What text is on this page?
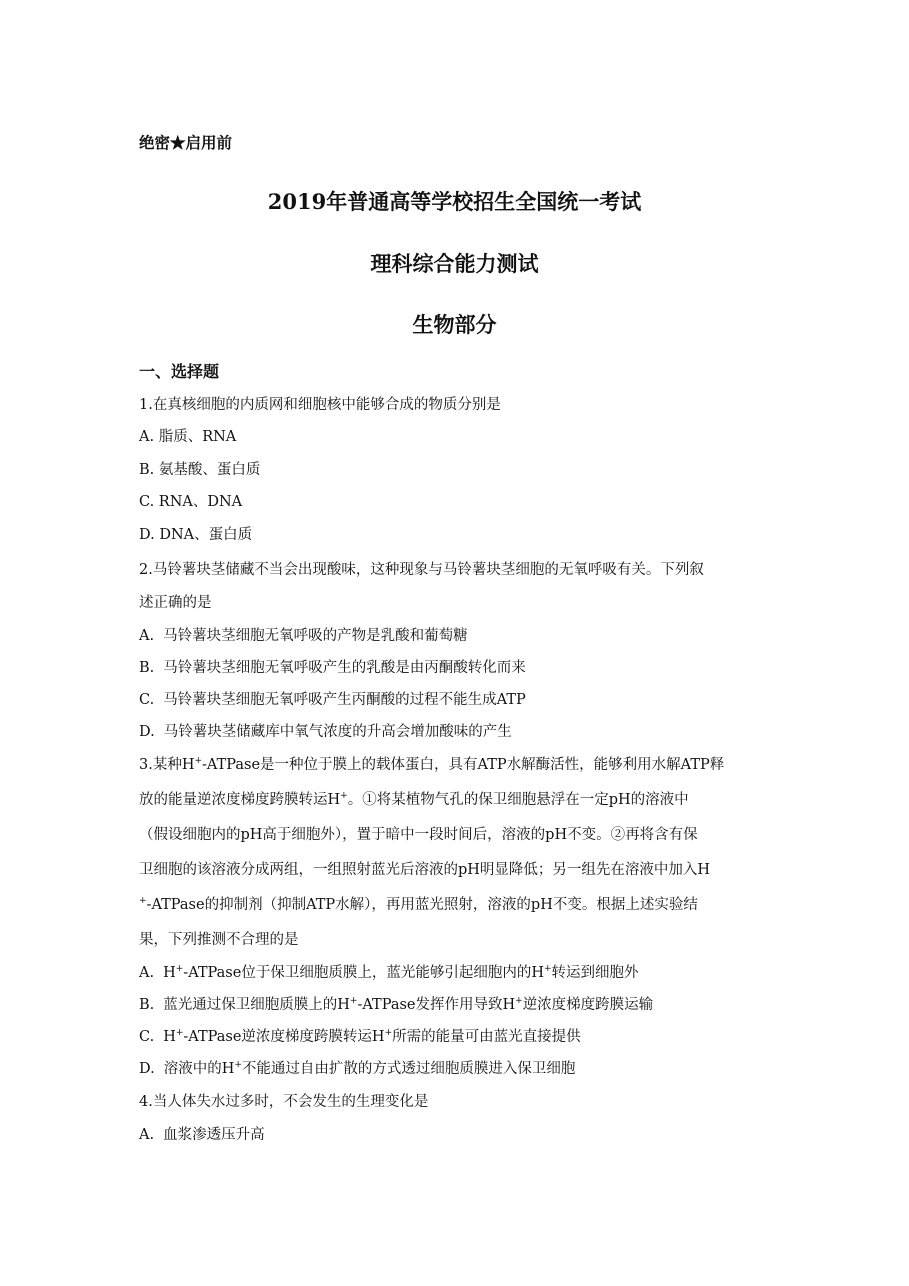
绝密★启用前
2019年普通高等学校招生全国统一考试
理科综合能力测试
生物部分
一、选择题
1.在真核细胞的内质网和细胞核中能够合成的物质分别是
A. 脂质、RNA
B. 氨基酸、蛋白质
C. RNA、DNA
D. DNA、蛋白质
2.马铃薯块茎储藏不当会出现酸味，这种现象与马铃薯块茎细胞的无氧呼吸有关。下列叙
述正确的是
A. 马铃薯块茎细胞无氧呼吸的产物是乳酸和葡萄糖
B. 马铃薯块茎细胞无氧呼吸产生的乳酸是由丙酮酸转化而来
C. 马铃薯块茎细胞无氧呼吸产生丙酮酸的过程不能生成ATP
D. 马铃薯块茎储藏库中氧气浓度的升高会增加酸味的产生
3.某种H+-ATPase是一种位于膜上的载体蛋白，具有ATP水解酶活性，能够利用水解ATP释
放的能量逆浓度梯度跨膜转运H+。①将某植物气孔的保卫细胞悬浮在一定pH的溶液中
（假设细胞内的pH高于细胞外），置于暗中一段时间后，溶液的pH不变。②再将含有保
卫细胞的该溶液分成两组，一组照射蓝光后溶液的pH明显降低；另一组先在溶液中加入H
+-ATPase的抑制剂（抑制ATP水解），再用蓝光照射，溶液的pH不变。根据上述实验结
果，下列推测不合理的是
A. H+-ATPase位于保卫细胞质膜上，蓝光能够引起细胞内的H+转运到细胞外
B. 蓝光通过保卫细胞质膜上的H+-ATPase发挥作用导致H+逆浓度梯度跨膜运输
C. H+-ATPase逆浓度梯度跨膜转运H+所需的能量可由蓝光直接提供
D. 溶液中的H+不能通过自由扩散的方式透过细胞质膜进入保卫细胞
4.当人体失水过多时，不会发生的生理变化是
A. 血浆渗透压升高
